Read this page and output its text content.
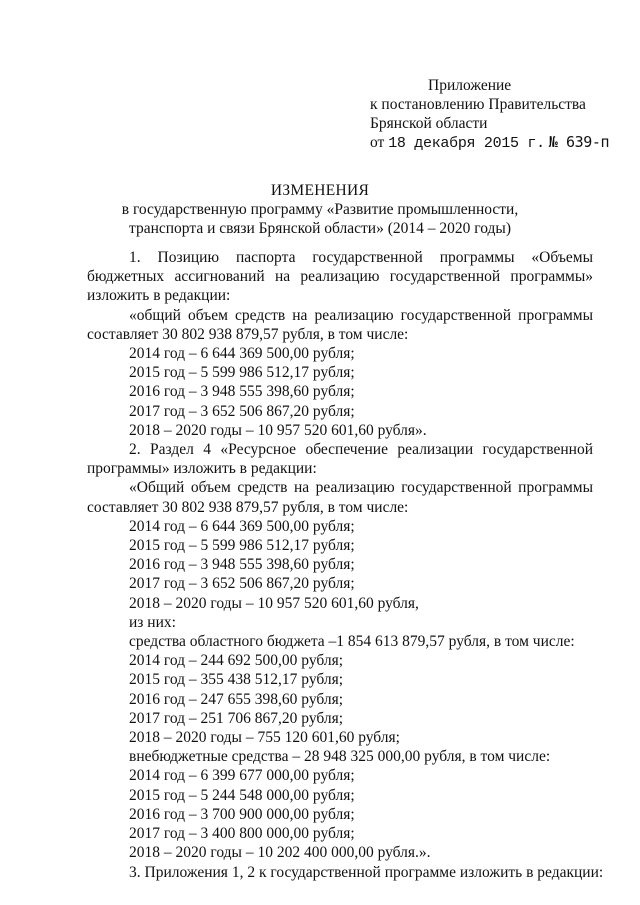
Приложение
к постановлению Правительства
Брянской области
от 18 декабря 2015 г. № 639-п
ИЗМЕНЕНИЯ
в государственную программу «Развитие промышленности,
транспорта и связи Брянской области» (2014 – 2020 годы)

1. Позицию паспорта государственной программы «Объемы бюджетных ассигнований на реализацию государственной программы» изложить в редакции:

«общий объем средств на реализацию государственной программы составляет 30 802 938 879,57 рубля, в том числе:

2014 год – 6 644 369 500,00 рубля;
2015 год – 5 599 986 512,17 рубля;
2016 год – 3 948 555 398,60 рубля;
2017 год – 3 652 506 867,20 рубля;
2018 – 2020 годы – 10 957 520 601,60 рубля».

2. Раздел 4 «Ресурсное обеспечение реализации государственной программы» изложить в редакции:

«Общий объем средств на реализацию государственной программы составляет 30 802 938 879,57 рубля, в том числе:

2014 год – 6 644 369 500,00 рубля;
2015 год – 5 599 986 512,17 рубля;
2016 год – 3 948 555 398,60 рубля;
2017 год – 3 652 506 867,20 рубля;
2018 – 2020 годы – 10 957 520 601,60 рубля,
из них:
средства областного бюджета –1 854 613 879,57 рубля, в том числе:
2014 год – 244 692 500,00 рубля;
2015 год – 355 438 512,17 рубля;
2016 год – 247 655 398,60 рубля;
2017 год – 251 706 867,20 рубля;
2018 – 2020 годы – 755 120 601,60 рубля;
внебюджетные средства – 28 948 325 000,00 рубля, в том числе:
2014 год – 6 399 677 000,00 рубля;
2015 год – 5 244 548 000,00 рубля;
2016 год – 3 700 900 000,00 рубля;
2017 год – 3 400 800 000,00 рубля;
2018 – 2020 годы – 10 202 400 000,00 рубля.».
3. Приложения 1, 2 к государственной программе изложить в редакции:
